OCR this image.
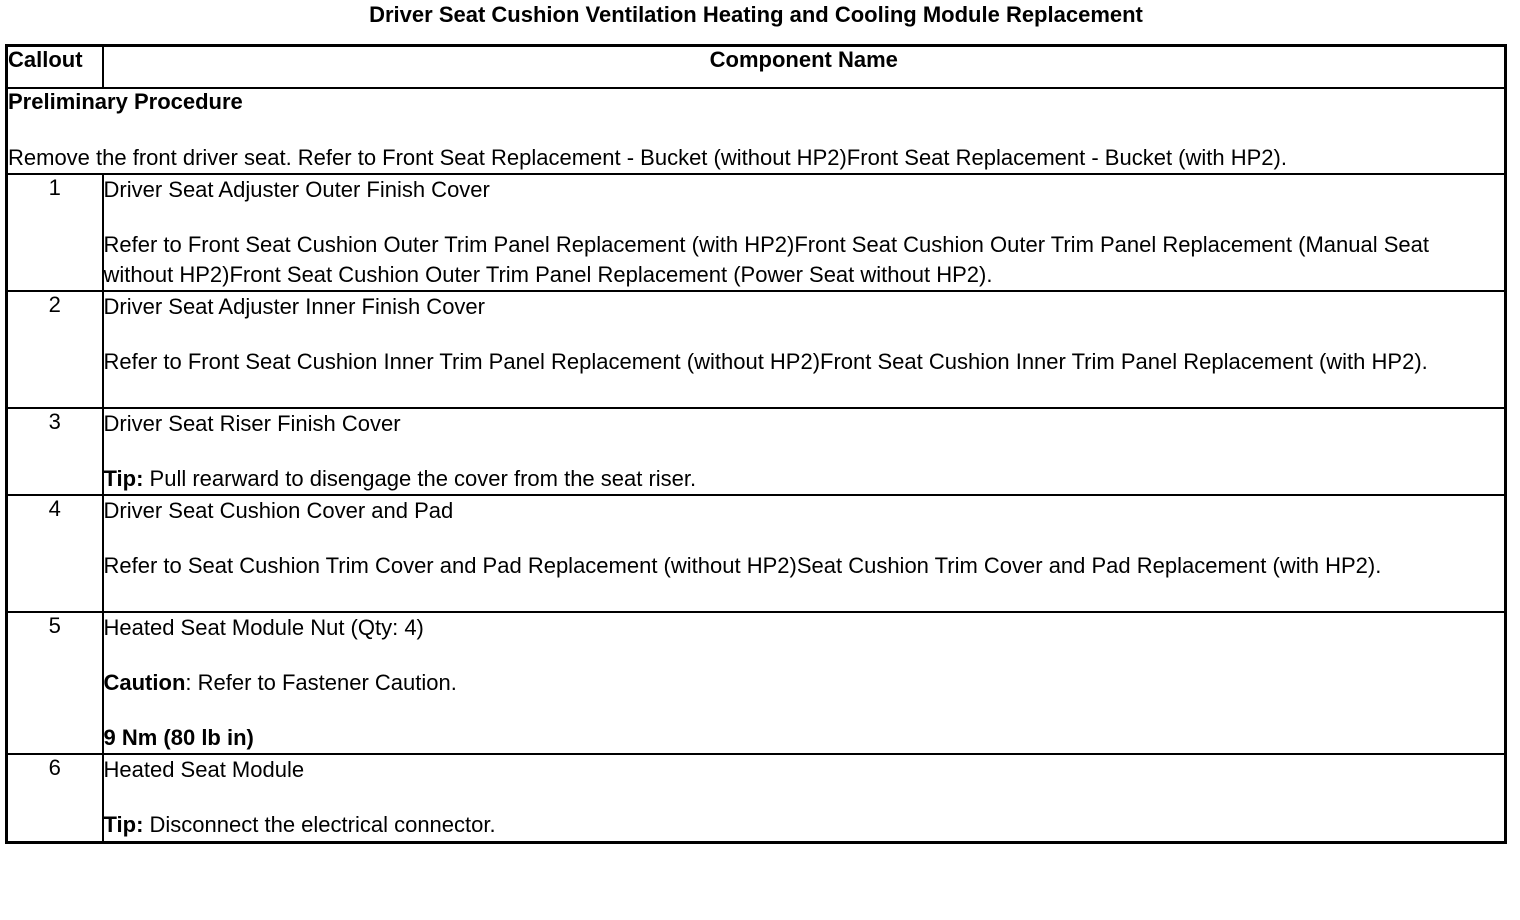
Driver Seat Cushion Ventilation Heating and Cooling Module Replacement
Callout	Component Name

Preliminary Procedure
Remove the front driver seat. Refer to Front Seat Replacement - Bucket (without HP2)Front Seat Replacement - Bucket (with HP2).	

1	Driver Seat Adjuster Outer Finish Cover

Refer to Front Seat Cushion Outer Trim Panel Replacement (with HP2)Front Seat Cushion Outer Trim Panel Replacement (Manual Seat without HP2)Front Seat Cushion Outer Trim Panel Replacement (Power Seat without HP2).

2	Driver Seat Adjuster Inner Finish Cover

Refer to Front Seat Cushion Inner Trim Panel Replacement (without HP2)Front Seat Cushion Inner Trim Panel Replacement (with HP2).

3	Driver Seat Riser Finish Cover

Tip: Pull rearward to disengage the cover from the seat riser.

4	Driver Seat Cushion Cover and Pad

Refer to Seat Cushion Trim Cover and Pad Replacement (without HP2)Seat Cushion Trim Cover and Pad Replacement (with HP2).

5	Heated Seat Module Nut (Qty: 4)

Caution: Refer to Fastener Caution.

9 Nm (80 lb in)

6	Heated Seat Module

Tip: Disconnect the electrical connector.
